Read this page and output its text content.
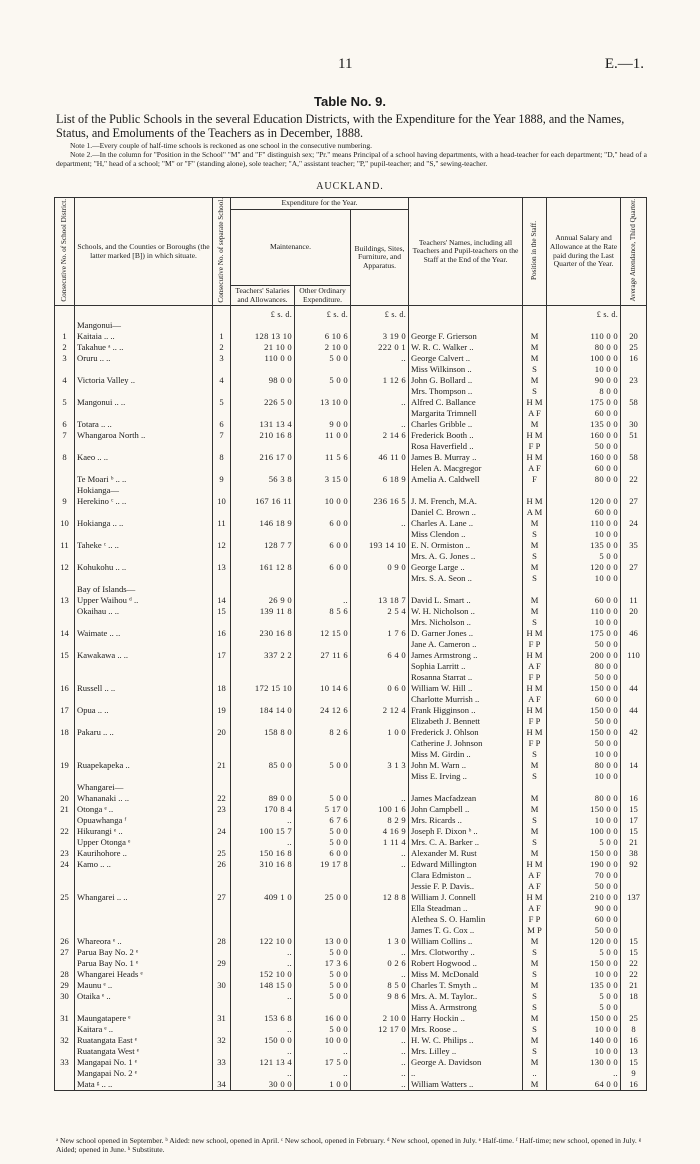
11	E.—1.
Table No. 9.
List of the Public Schools in the several Education Districts, with the Expenditure for the Year 1888, and the Names, Status, and Emoluments of the Teachers as in December, 1888.

Note 1.—Every couple of half-time schools is reckoned as one school in the consecutive numbering.

Note 2.—In the column for "Position in the School" "M" and "F" distinguish sex; "Pr." means Principal of a school having departments, with a head-teacher for each department; "D," head of a department; "H," head of a school; "M" or "F" (standing alone), sole teacher; "A," assistant teacher; "P," pupil-teacher; and "S," sewing-teacher.

AUCKLAND.
Consecutive No. of School District.	Schools, and the Counties or Boroughs (the latter marked [B]) in which situate.	Consecutive No. of separate School.	Expenditure for the Year.			Teachers' Names, including all Teachers and Pupil-teachers on the Staff at the End of the Year.	Position in the Staff.	Annual Salary and Allowance at the Rate paid during the Last Quarter of the Year.	Average Attendance, Third Quarter.
			Maintenance.		Buildings, Sites, Furniture, and Apparatus.				
			Teachers' Salaries and Allowances.	Other Ordinary Expenditure.					
			£ s. d.	£ s. d.	£ s. d.			£ s. d.	
	Mangonui—								
1	Kaitaia .. ..	1	128 13 10	6 10 6	3 19 0	George F. Grierson	M	110 0 0	20
2	Takahue ᵃ .. ..	2	21 10 0	2 10 0	222 0 1	W. R. C. Walker ..	M	80 0 0	25
3	Oruru .. ..	3	110 0 0	5 0 0	..	George Calvert ..	M	100 0 0	16
						Miss Wilkinson ..	S	10 0 0	
4	Victoria Valley ..	4	98 0 0	5 0 0	1 12 6	John G. Bollard ..	M	90 0 0	23
						Mrs. Thompson ..	S	8 0 0	
5	Mangonui .. ..	5	226 5 0	13 10 0	..	Alfred C. Ballance	H M	175 0 0	58
						Margarita Trimnell	A F	60 0 0	
6	Totara .. ..	6	131 13 4	9 0 0	..	Charles Gribble ..	M	135 0 0	30
7	Whangaroa North ..	7	210 16 8	11 0 0	2 14 6	Frederick Booth ..	H M	160 0 0	51
						Rosa Haverfield ..	F P	50 0 0	
8	Kaeo .. ..	8	216 17 0	11 5 6	46 11 0	James B. Murray ..	H M	160 0 0	58
						Helen A. Macgregor	A F	60 0 0	
	Te Moari ᵇ .. ..	9	56 3 8	3 15 0	6 18 9	Amelia A. Caldwell	F	80 0 0	22
	Hokianga—								
9	Herekino ᶜ .. ..	10	167 16 11	10 0 0	236 16 5	J. M. French, M.A.	H M	120 0 0	27
						Daniel C. Brown ..	A M	60 0 0	
10	Hokianga .. ..	11	146 18 9	6 0 0	..	Charles A. Lane ..	M	110 0 0	24
						Miss Clendon ..	S	10 0 0	
11	Taheke ᶜ .. ..	12	128 7 7	6 0 0	193 14 10	E. N. Ormiston ..	M	135 0 0	35
						Mrs. A. G. Jones ..	S	5 0 0	
12	Kohukohu .. ..	13	161 12 8	6 0 0	0 9 0	George Large ..	M	120 0 0	27
						Mrs. S. A. Seon ..	S	10 0 0	
	Bay of Islands—								
13	Upper Waihou ᵈ ..	14	26 9 0	..	13 18 7	David L. Smart ..	M	60 0 0	11
	Okaihau .. ..	15	139 11 8	8 5 6	2 5 4	W. H. Nicholson ..	M	110 0 0	20
						Mrs. Nicholson ..	S	10 0 0	
14	Waimate .. ..	16	230 16 8	12 15 0	1 7 6	D. Garner Jones ..	H M	175 0 0	46
						Jane A. Cameron ..	F P	50 0 0	
15	Kawakawa .. ..	17	337 2 2	27 11 6	6 4 0	James Armstrong ..	H M	200 0 0	110
						Sophia Larritt ..	A F	80 0 0	
						Rosanna Starrat ..	F P	50 0 0	
16	Russell .. ..	18	172 15 10	10 14 6	0 6 0	William W. Hill ..	H M	150 0 0	44
						Charlotte Murrish ..	A F	60 0 0	
17	Opua .. ..	19	184 14 0	24 12 6	2 12 4	Frank Higginson ..	H M	150 0 0	44
						Elizabeth J. Bennett	F P	50 0 0	
18	Pakaru .. ..	20	158 8 0	8 2 6	1 0 0	Frederick J. Ohlson	H M	150 0 0	42
						Catherine J. Johnson	F P	50 0 0	
						Miss M. Girdin ..	S	10 0 0	
19	Ruapekapeka ..	21	85 0 0	5 0 0	3 1 3	John M. Warn ..	M	80 0 0	14
						Miss E. Irving ..	S	10 0 0	
	Whangarei—								
20	Whananaki .. ..	22	89 0 0	5 0 0	..	James Macfadzean	M	80 0 0	16
21	Otonga ᵉ ..	23	170 8 4	5 17 0	100 1 6	John Campbell ..	M	150 0 0	15
	Opuawhanga ᶠ		..	6 7 6	8 2 9	Mrs. Ricards ..	S	10 0 0	17
22	Hikurangi ᵉ ..	24	100 15 7	5 0 0	4 16 9	Joseph F. Dixon ᵇ ..	M	100 0 0	15
	Upper Otonga ᵉ		..	5 0 0	1 11 4	Mrs. C. A. Barker ..	S	5 0 0	21
23	Kaurihohore ..	25	150 16 8	6 0 0	..	Alexander M. Rust	M	150 0 0	38
24	Kamo .. ..	26	310 16 8	19 17 8	..	Edward Millington	H M	190 0 0	92
						Clara Edmiston ..	A F	70 0 0	
						Jessie F. P. Davis..	A F	50 0 0	
25	Whangarei .. ..	27	409 1 0	25 0 0	12 8 8	William J. Connell	H M	210 0 0	137
						Ella Steadman ..	A F	90 0 0	
						Alethea S. O. Hamlin	F P	60 0 0	
						James T. G. Cox ..	M P	50 0 0	
26	Whareora ᵉ ..	28	122 10 0	13 0 0	1 3 0	William Collins ..	M	120 0 0	15
27	Parua Bay No. 2 ᵉ		..	5 0 0	..	Mrs. Clotworthy ..	S	5 0 0	15
	Parua Bay No. 1 ᵉ	29	..	17 3 6	0 2 6	Robert Hogwood ..	M	150 0 0	22
28	Whangarei Heads ᵉ		152 10 0	5 0 0	..	Miss M. McDonald	S	10 0 0	22
29	Maunu ᵉ ..	30	148 15 0	5 0 0	8 5 0	Charles T. Smyth ..	M	135 0 0	21
30	Otaika ᵉ ..		..	5 0 0	9 8 6	Mrs. A. M. Taylor..	S	5 0 0	18
						Miss A. Armstrong	S	5 0 0	
31	Maungatapere ᵉ	31	153 6 8	16 0 0	2 10 0	Harry Hockin ..	M	150 0 0	25
	Kaitara ᵉ ..		..	5 0 0	12 17 0	Mrs. Roose ..	S	10 0 0	8
32	Ruatangata East ᵉ	32	150 0 0	10 0 0	..	H. W. C. Philips ..	M	140 0 0	16
	Ruatangata West ᵉ		..	..	..	Mrs. Lilley ..	S	10 0 0	13
33	Mangapai No. 1 ᵉ	33	121 13 4	17 5 0	..	George A. Davidson	M	130 0 0	15
	Mangapai No. 2 ᵉ		..	..	..	..	..	..	9
	Mata ᵍ .. ..	34	30 0 0	1 0 0	..	William Watters ..	M	64 0 0	16
ᵃ New school opened in September. ᵇ Aided: new school, opened in April. ᶜ New school, opened in February. ᵈ New school, opened in July. ᵉ Half-time. ᶠ Half-time; new school, opened in July. ᵍ Aided; opened in June. ʰ Substitute.
